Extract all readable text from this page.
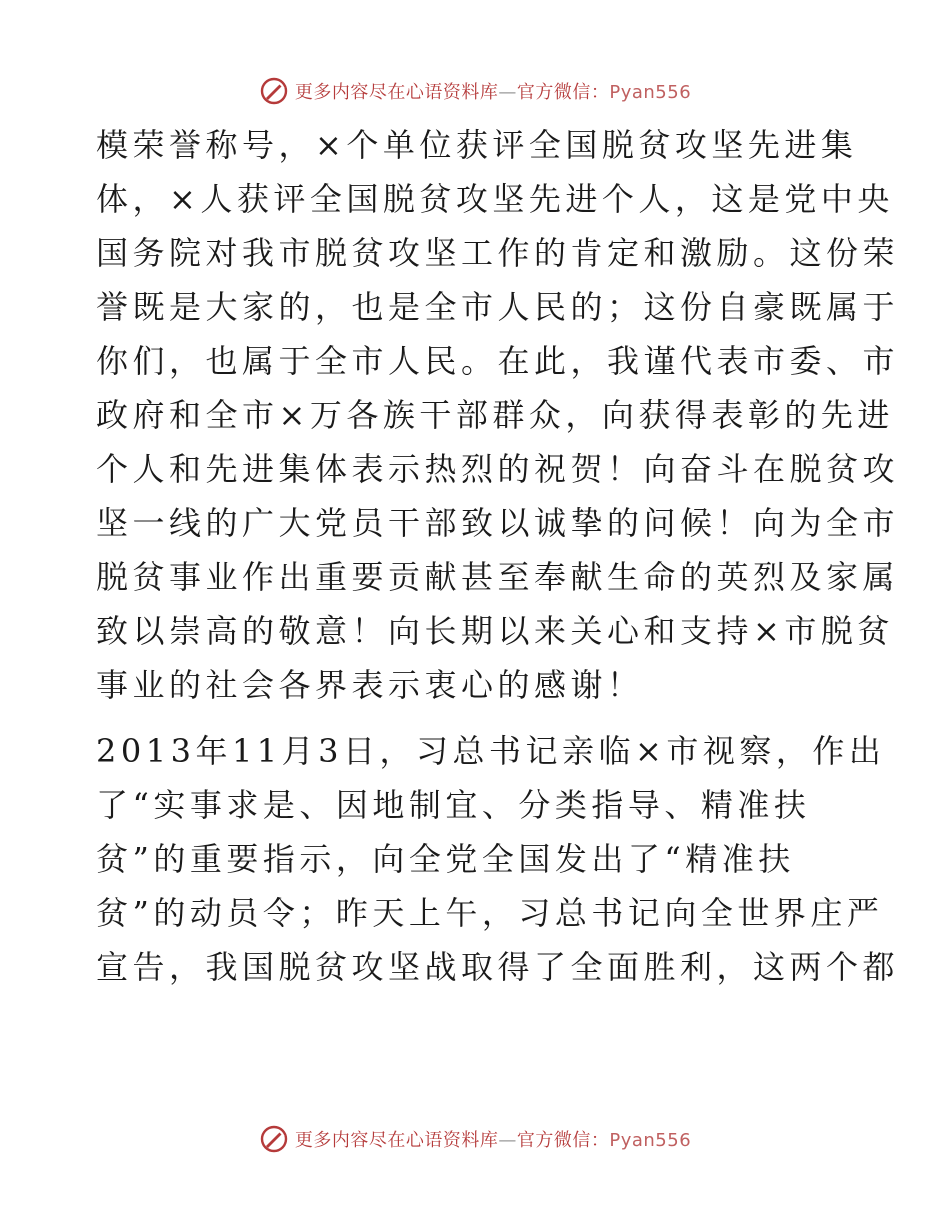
更多内容尽在心语资料库—官方微信：Pyan556

模荣誉称号，×个单位获评全国脱贫攻坚先进集
体，×人获评全国脱贫攻坚先进个人，这是党中央
国务院对我市脱贫攻坚工作的肯定和激励。这份荣
誉既是大家的，也是全市人民的；这份自豪既属于
你们，也属于全市人民。在此，我谨代表市委、市
政府和全市×万各族干部群众，向获得表彰的先进
个人和先进集体表示热烈的祝贺！向奋斗在脱贫攻
坚一线的广大党员干部致以诚挚的问候！向为全市
脱贫事业作出重要贡献甚至奉献生命的英烈及家属
致以崇高的敬意！向长期以来关心和支持×市脱贫
事业的社会各界表示衷心的感谢！

2013年11月3日，习总书记亲临×市视察，作出
了“实事求是、因地制宜、分类指导、精准扶
贫”的重要指示，向全党全国发出了“精准扶
贫”的动员令；昨天上午，习总书记向全世界庄严
宣告，我国脱贫攻坚战取得了全面胜利，这两个都

更多内容尽在心语资料库—官方微信：Pyan556
